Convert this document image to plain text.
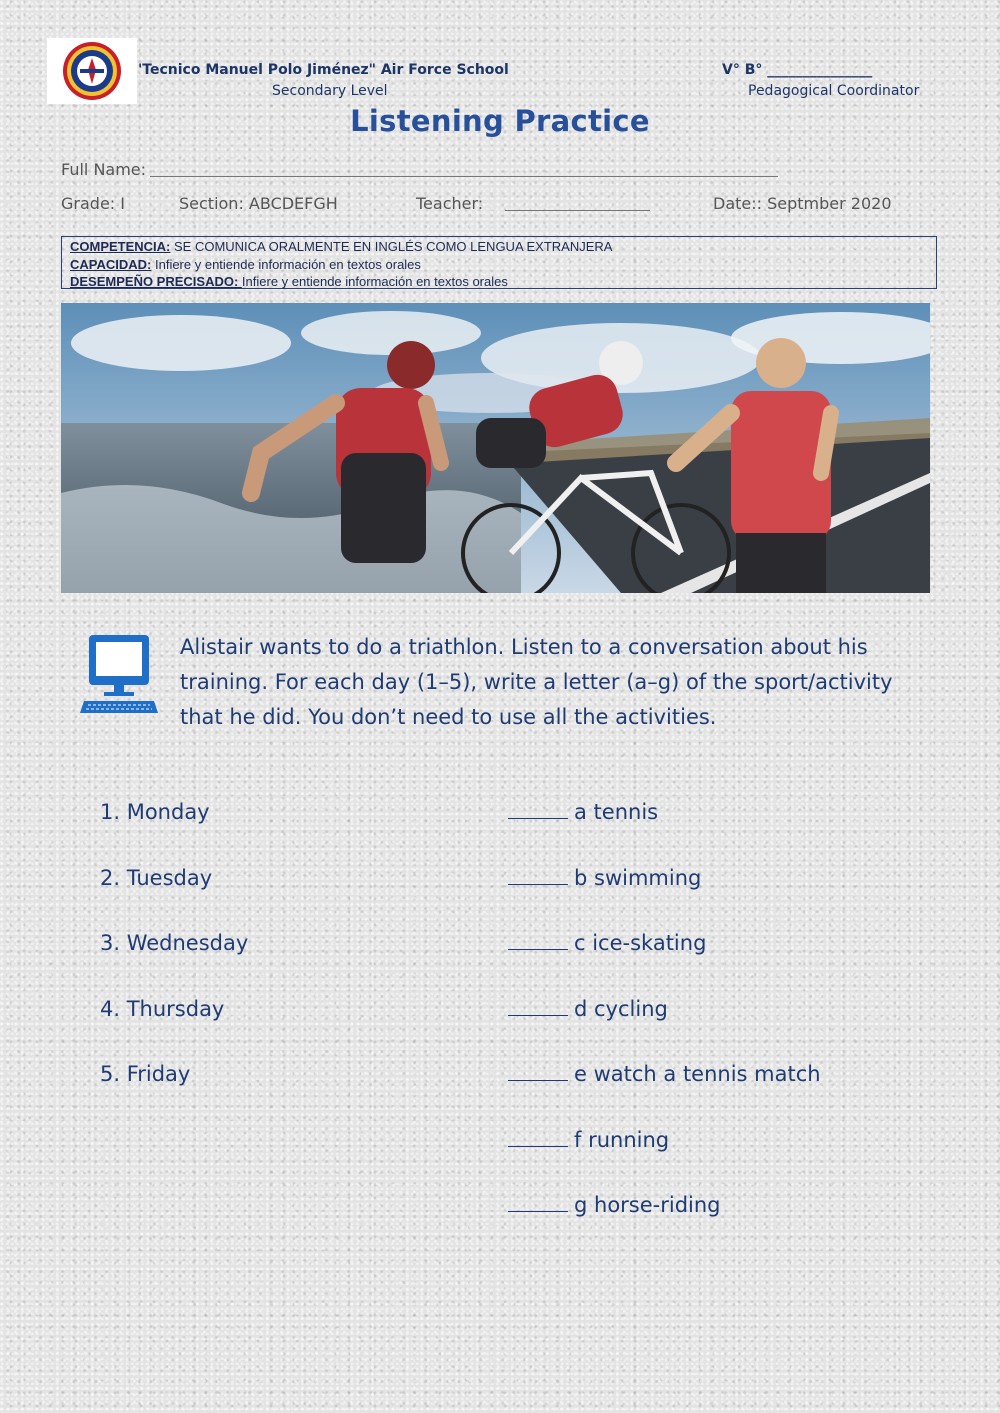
'Tecnico Manuel Polo Jiménez" Air Force School
Secondary Level
V° B° _______________
Pedagogical Coordinator
Listening Practice
Full Name:
Grade: I	Section: ABCDEFGH	Teacher:	Date:: Septmber 2020
COMPETENCIA: SE COMUNICA ORALMENTE EN INGLÉS COMO LENGUA EXTRANJERA
CAPACIDAD: Infiere y entiende información en textos orales
DESEMPEÑO PRECISADO: Infiere y entiende información en textos orales
Alistair wants to do a triathlon. Listen to a conversation about his training. For each day (1–5), write a letter (a–g) of the sport/activity that he did. You don’t need to use all the activities.
1. Monday
2. Tuesday
3. Wednesday
4. Thursday
5. Friday
a tennis
b swimming
c ice-skating
d cycling
e watch a tennis match
f running
g horse-riding
